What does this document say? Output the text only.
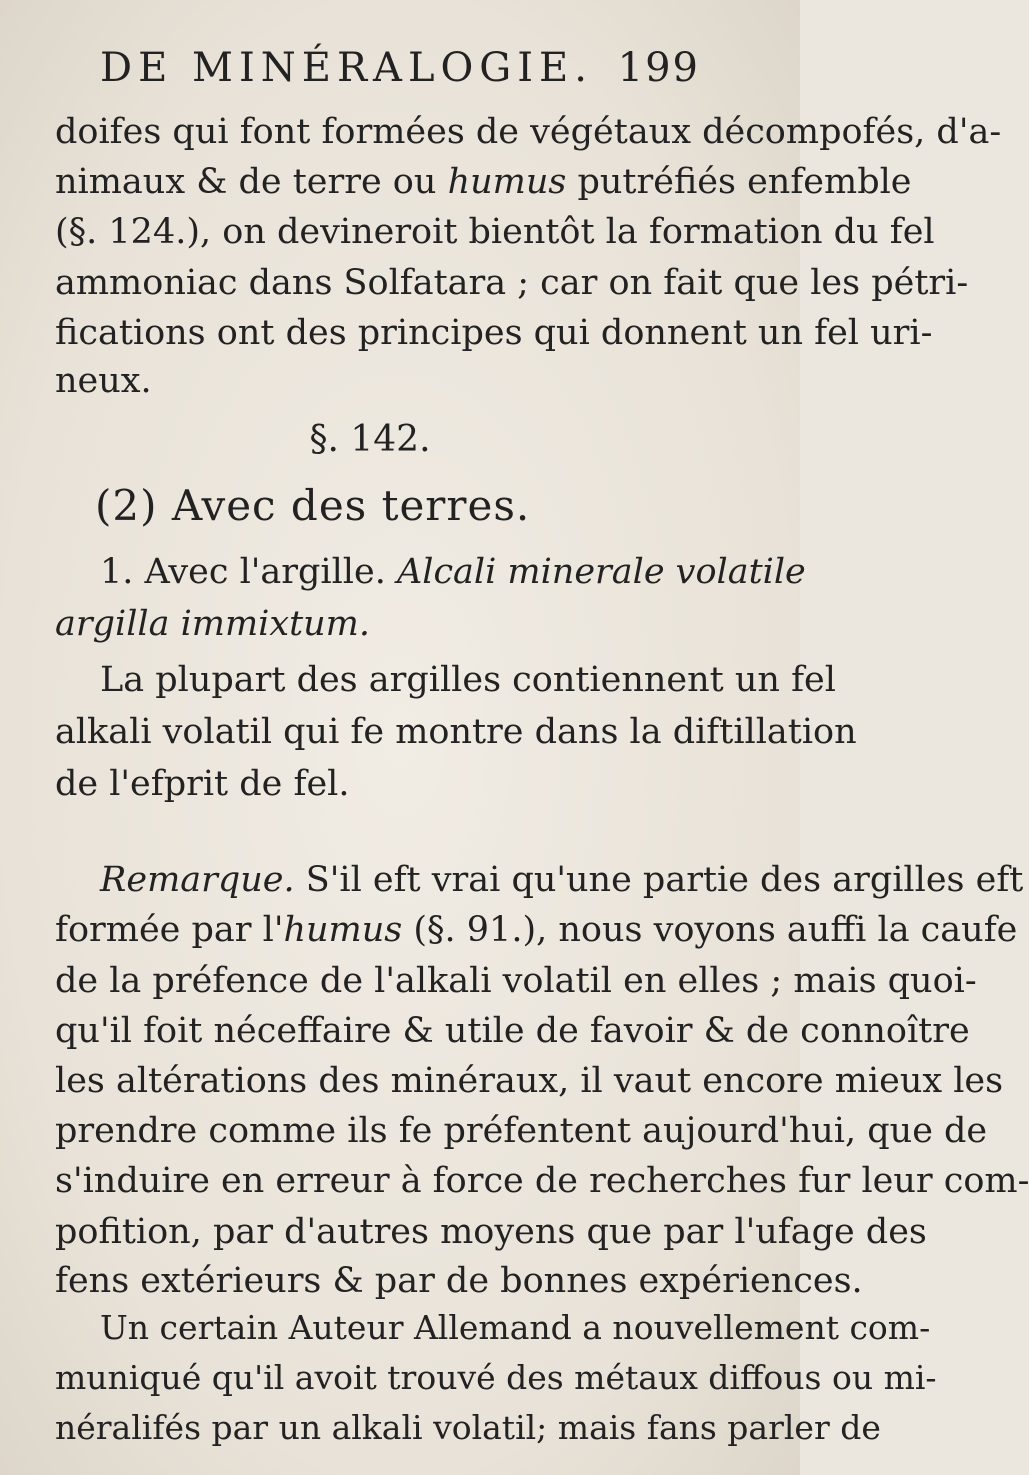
DE MINÉRALOGIE. 199
doifes qui font formées de végétaux décompofés, d'a-
nimaux & de terre ou humus putréfiés enfemble
(§. 124.), on devineroit bientôt la formation du fel
ammoniac dans Solfatara ; car on fait que les pétri-
fications ont des principes qui donnent un fel uri-
neux.
§. 142.
(2) Avec des terres.
1. Avec l'argille. Alcali minerale volatile
argilla immixtum.
La plupart des argilles contiennent un fel
alkali volatil qui fe montre dans la diftillation
de l'efprit de fel.
Remarque. S'il eft vrai qu'une partie des argilles eft
formée par l'humus (§. 91.), nous voyons auffi la caufe
de la préfence de l'alkali volatil en elles ; mais quoi-
qu'il foit néceffaire & utile de favoir & de connoître
les altérations des minéraux, il vaut encore mieux les
prendre comme ils fe préfentent aujourd'hui, que de
s'induire en erreur à force de recherches fur leur com-
pofition, par d'autres moyens que par l'ufage des
fens extérieurs & par de bonnes expériences.
Un certain Auteur Allemand a nouvellement com-
muniqué qu'il avoit trouvé des métaux diffous ou mi-
néralifés par un alkali volatil; mais fans parler de
